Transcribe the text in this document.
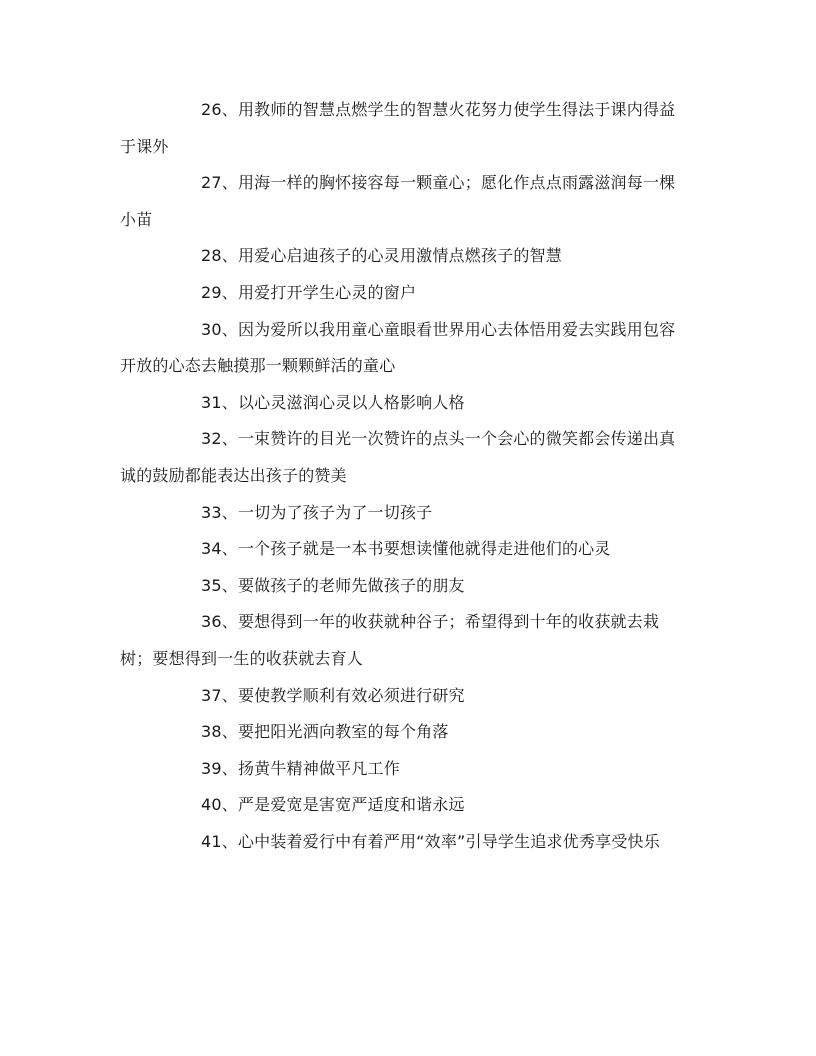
26、用教师的智慧点燃学生的智慧火花努力使学生得法于课内得益于课外

27、用海一样的胸怀接容每一颗童心；愿化作点点雨露滋润每一棵小苗

28、用爱心启迪孩子的心灵用激情点燃孩子的智慧

29、用爱打开学生心灵的窗户

30、因为爱所以我用童心童眼看世界用心去体悟用爱去实践用包容开放的心态去触摸那一颗颗鲜活的童心

31、以心灵滋润心灵以人格影响人格

32、一束赞许的目光一次赞许的点头一个会心的微笑都会传递出真诚的鼓励都能表达出孩子的赞美

33、一切为了孩子为了一切孩子

34、一个孩子就是一本书要想读懂他就得走进他们的心灵

35、要做孩子的老师先做孩子的朋友

36、要想得到一年的收获就种谷子；希望得到十年的收获就去栽树；要想得到一生的收获就去育人

37、要使教学顺利有效必须进行研究

38、要把阳光洒向教室的每个角落

39、扬黄牛精神做平凡工作

40、严是爱宽是害宽严适度和谐永远

41、心中装着爱行中有着严用“效率”引导学生追求优秀享受快乐
